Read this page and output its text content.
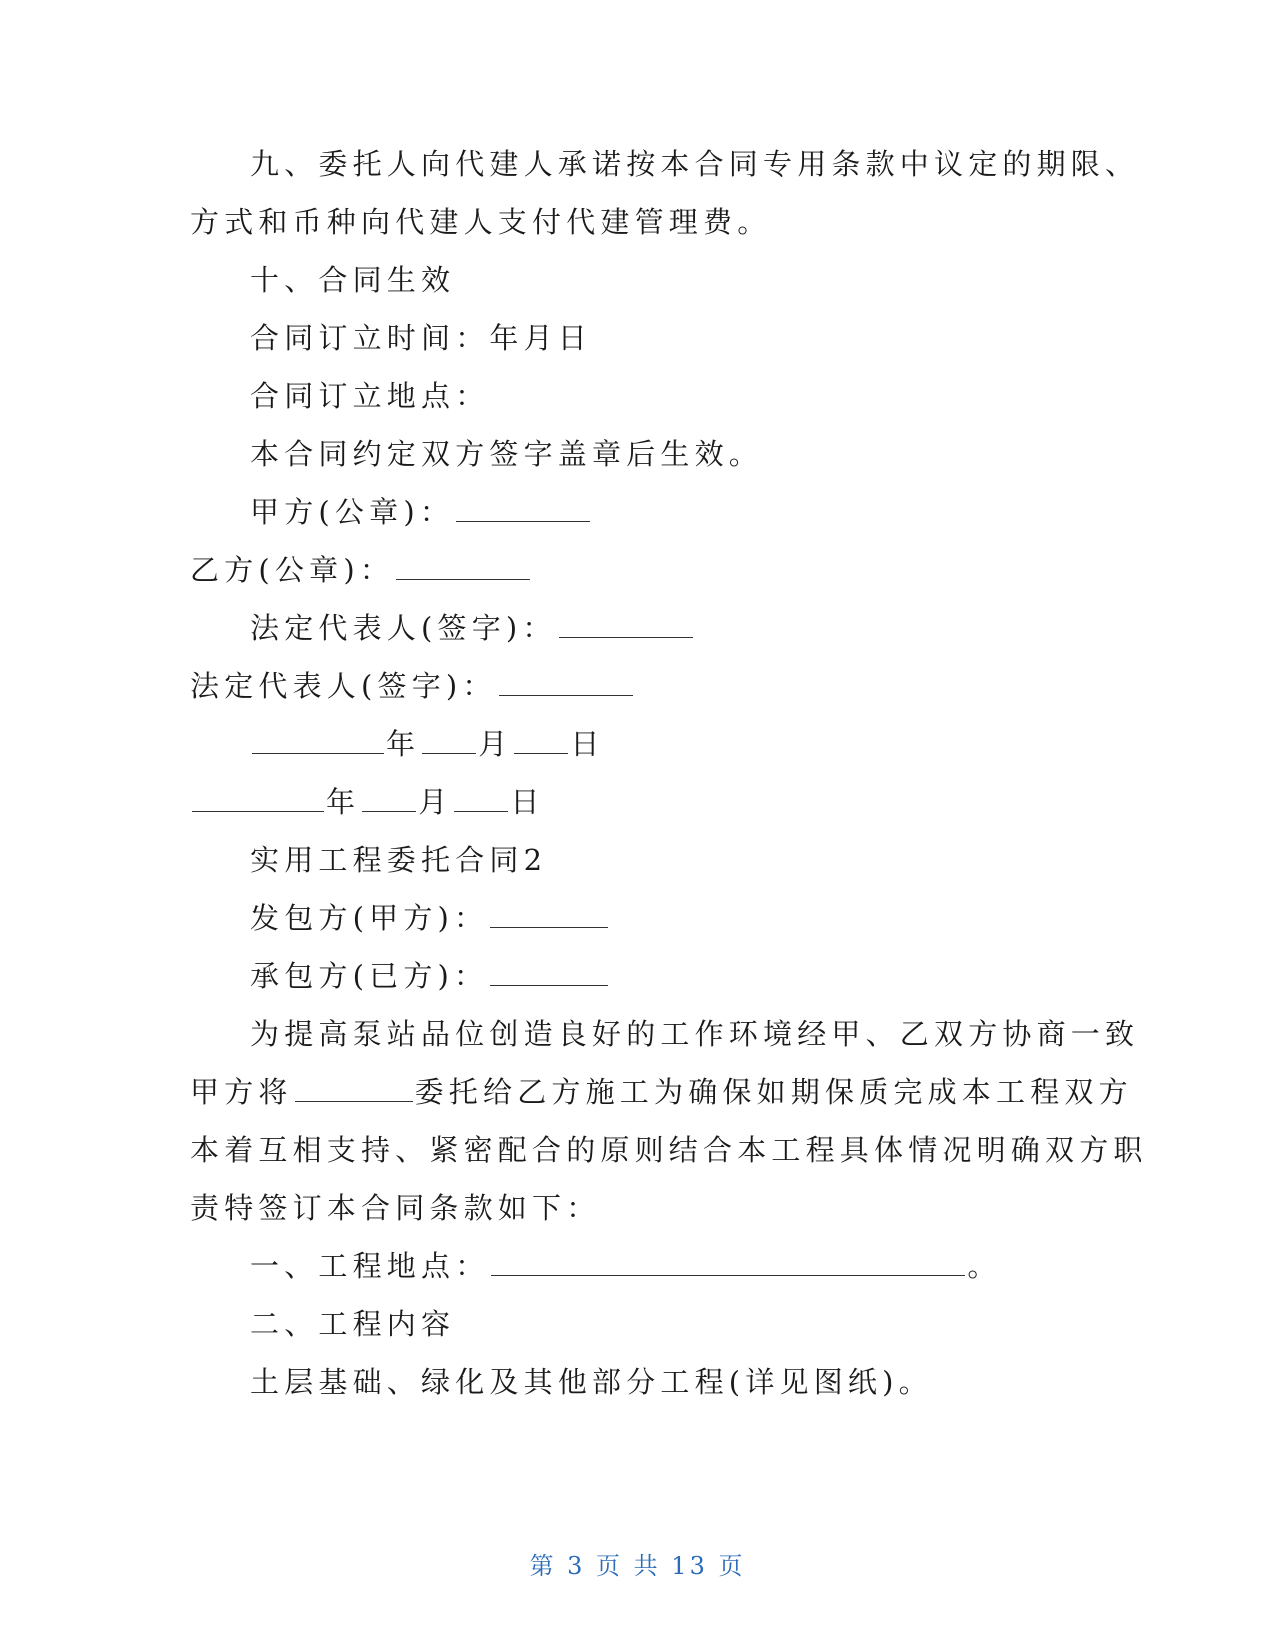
九、委托人向代建人承诺按本合同专用条款中议定的期限、
方式和币种向代建人支付代建管理费。
十、合同生效
合同订立时间：年月日
合同订立地点：
本合同约定双方签字盖章后生效。
甲方(公章)：
乙方(公章)：
法定代表人(签字)：
法定代表人(签字)：
年 月 日
年 月 日
实用工程委托合同2
发包方(甲方)：
承包方(已方)：
为提高泵站品位创造良好的工作环境经甲、乙双方协商一致
甲方将	委托给乙方施工为确保如期保质完成本工程双方
本着互相支持、紧密配合的原则结合本工程具体情况明确双方职
责特签订本合同条款如下：
一、工程地点：	。
二、工程内容
土层基础、绿化及其他部分工程(详见图纸)。
第 3 页 共 13 页
